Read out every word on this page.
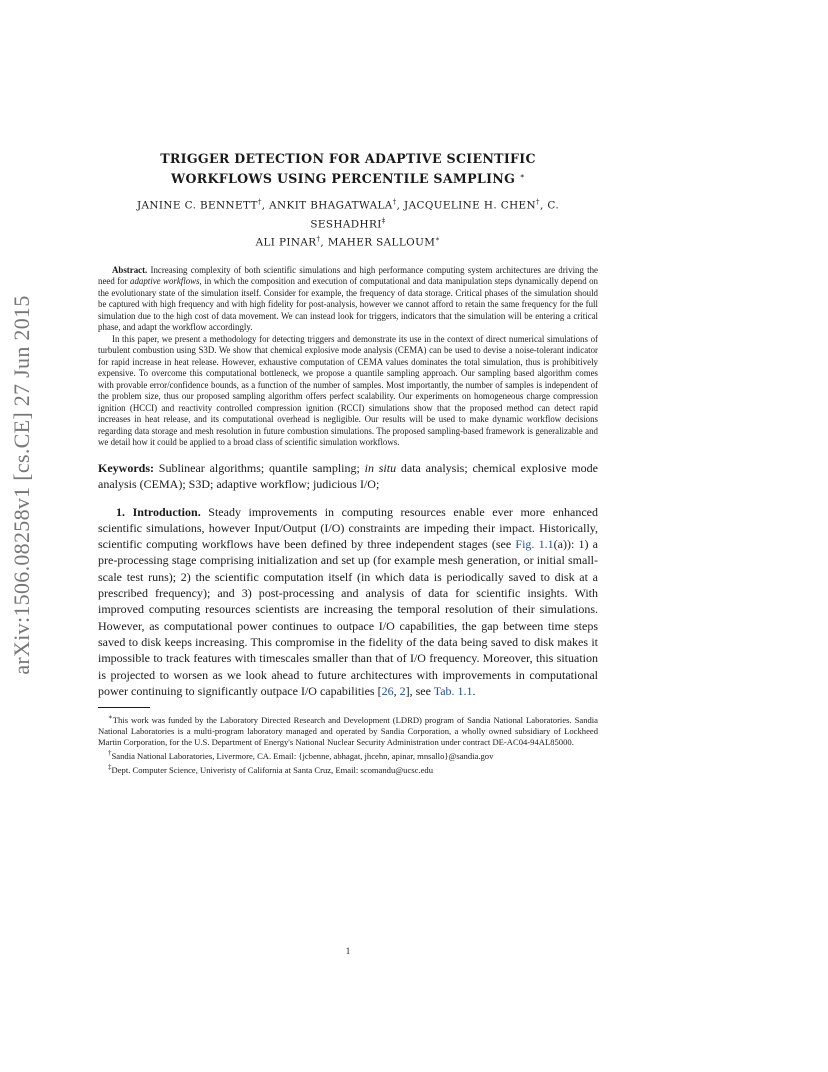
arXiv:1506.08258v1 [cs.CE] 27 Jun 2015
TRIGGER DETECTION FOR ADAPTIVE SCIENTIFIC
WORKFLOWS USING PERCENTILE SAMPLING ∗
JANINE C. BENNETT†, ANKIT BHAGATWALA†, JACQUELINE H. CHEN†, C. SESHADHRI‡
ALI PINAR†, MAHER SALLOUM∗

Abstract. Increasing complexity of both scientific simulations and high performance computing system architectures are driving the need for adaptive workflows, in which the composition and execution of computational and data manipulation steps dynamically depend on the evolutionary state of the simulation itself. Consider for example, the frequency of data storage. Critical phases of the simulation should be captured with high frequency and with high fidelity for post-analysis, however we cannot afford to retain the same frequency for the full simulation due to the high cost of data movement. We can instead look for triggers, indicators that the simulation will be entering a critical phase, and adapt the workflow accordingly.

In this paper, we present a methodology for detecting triggers and demonstrate its use in the context of direct numerical simulations of turbulent combustion using S3D. We show that chemical explosive mode analysis (CEMA) can be used to devise a noise-tolerant indicator for rapid increase in heat release. However, exhaustive computation of CEMA values dominates the total simulation, thus is prohibitively expensive. To overcome this computational bottleneck, we propose a quantile sampling approach. Our sampling based algorithm comes with provable error/confidence bounds, as a function of the number of samples. Most importantly, the number of samples is independent of the problem size, thus our proposed sampling algorithm offers perfect scalability. Our experiments on homogeneous charge compression ignition (HCCI) and reactivity controlled compression ignition (RCCI) simulations show that the proposed method can detect rapid increases in heat release, and its computational overhead is negligible. Our results will be used to make dynamic workflow decisions regarding data storage and mesh resolution in future combustion simulations. The proposed sampling-based framework is generalizable and we detail how it could be applied to a broad class of scientific simulation workflows.

Keywords: Sublinear algorithms; quantile sampling; in situ data analysis; chemical explosive mode analysis (CEMA); S3D; adaptive workflow; judicious I/O;
1. Introduction. Steady improvements in computing resources enable ever more enhanced scientific simulations, however Input/Output (I/O) constraints are impeding their impact. Historically, scientific computing workflows have been defined by three independent stages (see Fig. 1.1(a)): 1) a pre-processing stage comprising initialization and set up (for example mesh generation, or initial small-scale test runs); 2) the scientific computation itself (in which data is periodically saved to disk at a prescribed frequency); and 3) post-processing and analysis of data for scientific insights. With improved computing resources scientists are increasing the temporal resolution of their simulations. However, as computational power continues to outpace I/O capabilities, the gap between time steps saved to disk keeps increasing. This compromise in the fidelity of the data being saved to disk makes it impossible to track features with timescales smaller than that of I/O frequency. Moreover, this situation is projected to worsen as we look ahead to future architectures with improvements in computational power continuing to significantly outpace I/O capabilities [26, 2], see Tab. 1.1.

∗This work was funded by the Laboratory Directed Research and Development (LDRD) program of Sandia National Laboratories. Sandia National Laboratories is a multi-program laboratory managed and operated by Sandia Corporation, a wholly owned subsidiary of Lockheed Martin Corporation, for the U.S. Department of Energy's National Nuclear Security Administration under contract DE-AC04-94AL85000.

†Sandia National Laboratories, Livermore, CA. Email: {jcbenne, abhagat, jhcehn, apinar, mnsallo}@sandia.gov

‡Dept. Computer Science, Univeristy of California at Santa Cruz, Email: scomandu@ucsc.edu

1
